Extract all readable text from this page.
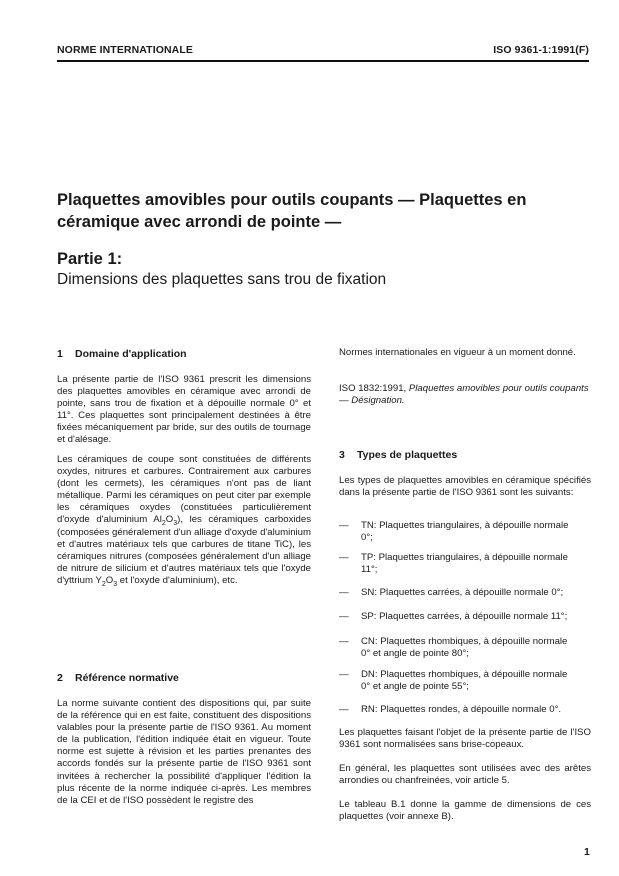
NORME INTERNATIONALE	ISO 9361-1:1991(F)
Plaquettes amovibles pour outils coupants — Plaquettes en
céramique avec arrondi de pointe —
Partie 1:
Dimensions des plaquettes sans trou de fixation
1 Domaine d'application

La présente partie de l'ISO 9361 prescrit les dimensions des plaquettes amovibles en céramique avec arrondi de pointe, sans trou de fixation et à dépouille normale 0° et 11°. Ces plaquettes sont principalement destinées à être fixées mécaniquement par bride, sur des outils de tournage et d'alésage.

Les céramiques de coupe sont constituées de différents oxydes, nitrures et carbures. Contrairement aux carbures (dont les cermets), les céramiques n'ont pas de liant métallique. Parmi les céramiques on peut citer par exemple les céramiques oxydes (constituées particulièrement d'oxyde d'aluminium $Al_2O_3$), les céramiques carboxides (composées généralement d'un alliage d'oxyde d'aluminium et d'autres matériaux tels que carbures de titane TiC), les céramiques nitrures (composées généralement d'un alliage de nitrure de silicium et d'autres matériaux tels que l'oxyde d'yttrium $Y_2O_3$ et l'oxyde d'aluminium), etc.

2 Référence normative

La norme suivante contient des dispositions qui, par suite de la référence qui en est faite, constituent des dispositions valables pour la présente partie de l'ISO 9361. Au moment de la publication, l'édition indiquée était en vigueur. Toute norme est sujette à révision et les parties prenantes des accords fondés sur la présente partie de l'ISO 9361 sont invitées à rechercher la possibilité d'appliquer l'édition la plus récente de la norme indiquée ci-après. Les membres de la CEI et de l'ISO possèdent le registre des

Normes internationales en vigueur à un moment donné.

ISO 1832:1991, Plaquettes amovibles pour outils coupants — Désignation.

3 Types de plaquettes

Les types de plaquettes amovibles en céramique spécifiés dans la présente partie de l'ISO 9361 sont les suivants:

—	TN: Plaquettes triangulaires, à dépouille normale
0°;
—	TP: Plaquettes triangulaires, à dépouille normale
11°;
—	SN: Plaquettes carrées, à dépouille normale 0°;
—	SP: Plaquettes carrées, à dépouille normale 11°;
—	CN: Plaquettes rhombiques, à dépouille normale
0° et angle de pointe 80°;
—	DN: Plaquettes rhombiques, à dépouille normale
0° et angle de pointe 55°;
—	RN: Plaquettes rondes, à dépouille normale 0°.

Les plaquettes faisant l'objet de la présente partie de l'ISO 9361 sont normalisées sans brise-copeaux.

En général, les plaquettes sont utilisées avec des arêtes arrondies ou chanfreinées, voir article 5.

Le tableau B.1 donne la gamme de dimensions de ces plaquettes (voir annexe B).

1
